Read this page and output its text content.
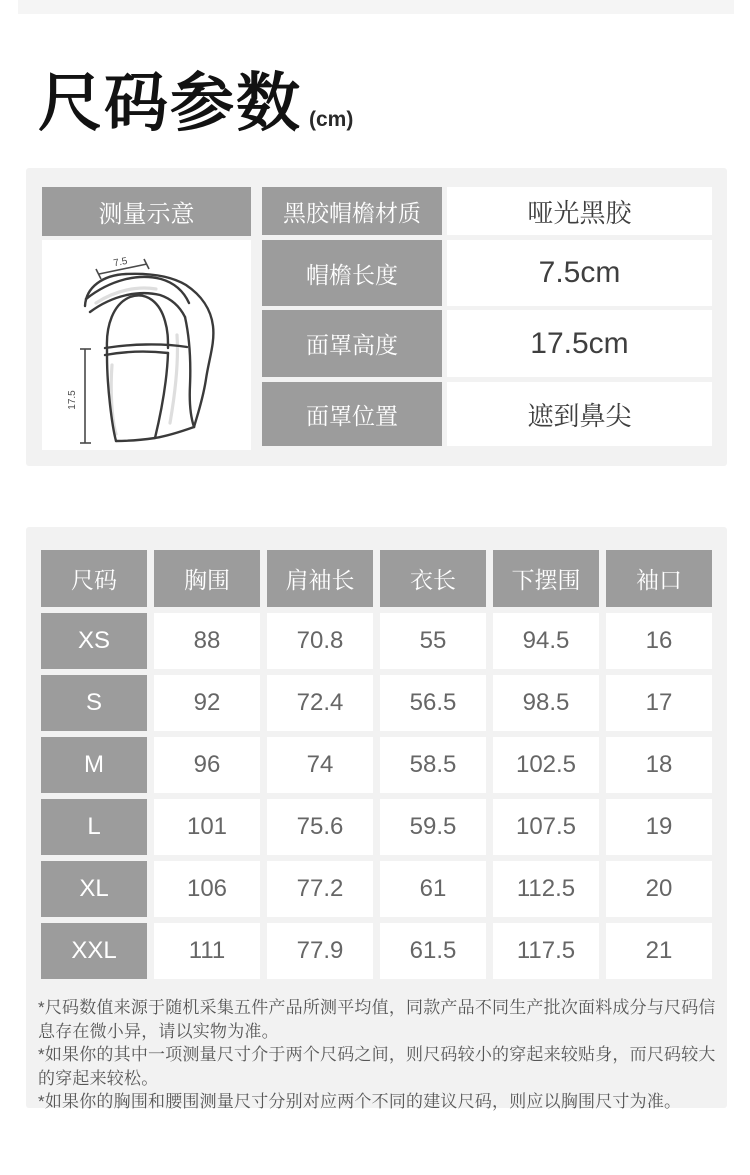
尺码参数 (cm)
测量示意
7.5
17.5
黑胶帽檐材质	哑光黑胶
帽檐长度	7.5cm
面罩高度	17.5cm
面罩位置	遮到鼻尖
尺码	胸围	肩袖长	衣长	下摆围	袖口
XS	88	70.8	55	94.5	16
S	92	72.4	56.5	98.5	17
M	96	74	58.5	102.5	18
L	101	75.6	59.5	107.5	19
XL	106	77.2	61	112.5	20
XXL	111	77.9	61.5	117.5	21

*尺码数值来源于随机采集五件产品所测平均值，同款产品不同生产批次面料成分与尺码信息存在微小异，请以实物为准。

*如果你的其中一项测量尺寸介于两个尺码之间，则尺码较小的穿起来较贴身，而尺码较大的穿起来较松。

*如果你的胸围和腰围测量尺寸分别对应两个不同的建议尺码，则应以胸围尺寸为准。
